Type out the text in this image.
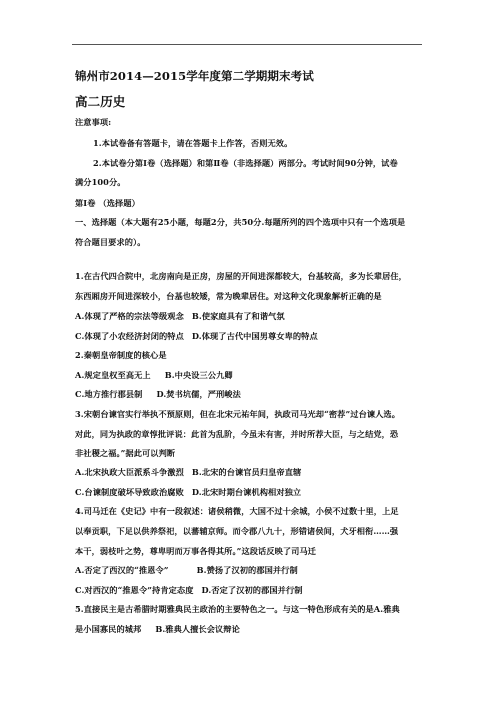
锦州市2014—2015学年度第二学期期末考试
高二历史
注意事项:
1.本试卷备有答题卡，请在答题卡上作答，否则无效。
2.本试卷分第Ⅰ卷（选择题）和第Ⅱ卷（非选择题）两部分。考试时间90分钟，试卷
满分100分。
第Ⅰ卷 （选择题）
一、选择题（本大题有25小题，每题2分，共50分.每题所列的四个选项中只有一个选项是
符合题目要求的）。
1.在古代四合院中，北房南向是正房，房屋的开间进深都较大，台基较高，多为长辈居住，
东西厢房开间进深较小，台基也较矮，常为晚辈居住。对这种文化现象解析正确的是
A.体现了严格的宗法等级观念 B.使家庭具有了和谐气氛
C.体现了小农经济封闭的特点 D.体现了古代中国男尊女卑的特点
2.秦朝皇帝制度的核心是
A.规定皇权至高无上 B.中央设三公九卿
C.地方推行郡县制 D.焚书坑儒，严刑峻法
3.宋朝台谏官实行举执不预原则，但在北宋元祐年间，执政司马光却“密荐”过台谏人选。
对此，同为执政的章惇批评说：此首为乱阶，今虽未有害，并时所荐大臣，与之结党，恐
非社稷之福。”据此可以判断
A.北宋执政大臣派系斗争激烈 B.北宋的台谏官员归皇帝直辖
C.台谏制度破坏导致政治腐败 D.北宋时期台谏机构相对独立
4.司马迁在《史记》中有一段叙述：诸侯稍微，大国不过十余城，小侯不过数十里，上足
以奉贡职，下足以供养祭祀，以蕃辅京师。而令郡八九十，形错诸侯间，犬牙相衔……强
本干，弱枝叶之势，尊卑明而万事各得其所。”这段话反映了司马迁
A.否定了西汉的“推恩令”	B.赞扬了汉初的郡国并行制
C.对西汉的“推恩令”持肯定态度 D.否定了汉初的郡国并行制
5.直接民主是古希腊时期雅典民主政治的主要特色之一。与这一特色形成有关的是A.雅典
是小国寡民的城邦 B.雅典人擅长会议辩论
